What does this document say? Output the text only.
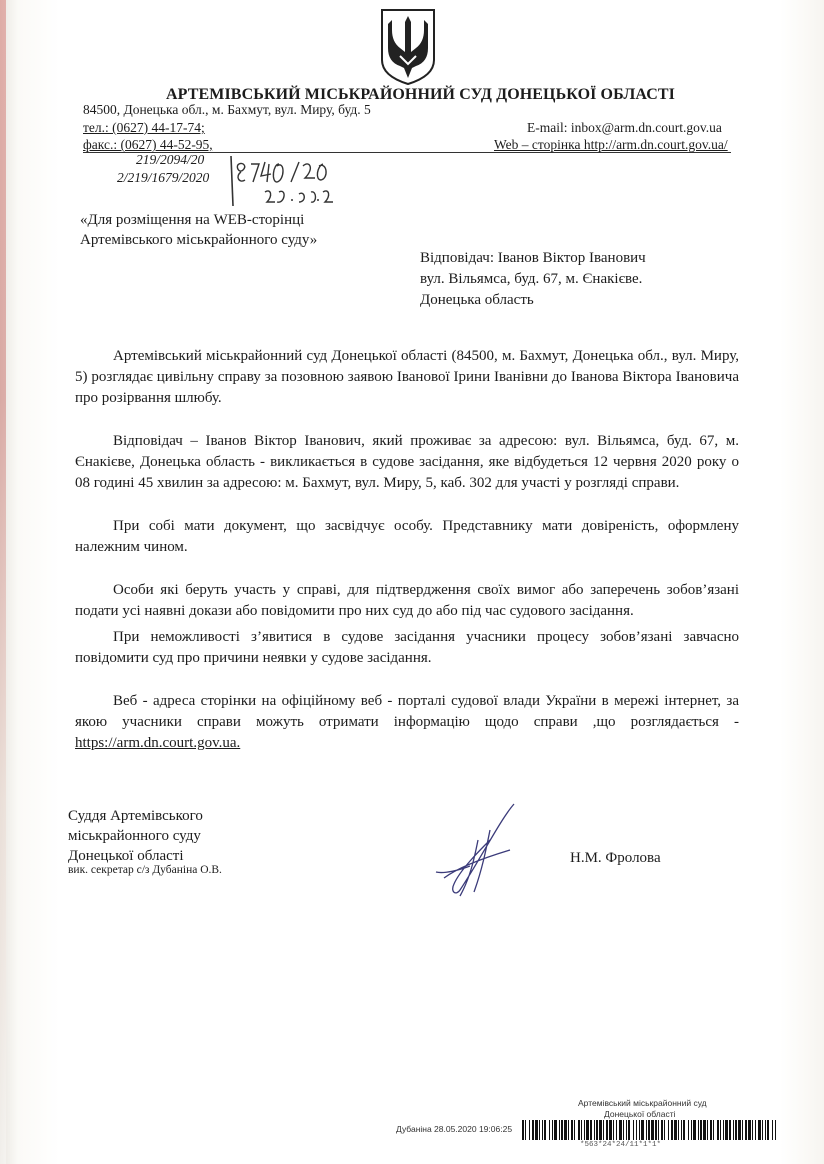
АРТЕМІВСЬКИЙ МІСЬКРАЙОННИЙ СУД ДОНЕЦЬКОЇ ОБЛАСТІ
84500, Донецька обл., м. Бахмут, вул. Миру, буд. 5
тел.: (0627) 44-17-74;
факс.: (0627) 44-52-95,
E-mail: inbox@arm.dn.court.gov.ua
Web – сторінка http://arm.dn.court.gov.ua/
219/2094/20
2/219/1679/2020
«Для розміщення на WEB-сторінці
Артемівського міськрайонного суду»
Відповідач: Іванов Віктор Іванович
вул. Вільямса, буд. 67, м. Єнакієве.
Донецька область

Артемівський міськрайонний суд Донецької області (84500, м. Бахмут, Донецька обл., вул. Миру, 5) розглядає цивільну справу за позовною заявою Іванової Ірини Іванівни до Іванова Віктора Івановича про розірвання шлюбу.

Відповідач – Іванов Віктор Іванович, який проживає за адресою: вул. Вільямса, буд. 67, м. Єнакієве, Донецька область - викликається в судове засідання, яке відбудеться 12 червня 2020 року о 08 годині 45 хвилин за адресою: м. Бахмут, вул. Миру, 5, каб. 302 для участі у розгляді справи.

При собі мати документ, що засвідчує особу. Представнику мати довіреність, оформлену належним чином.

Особи які беруть участь у справі, для підтвердження своїх вимог або заперечень зобов’язані подати усі наявні докази або повідомити про них суд до або під час судового засідання.

При неможливості з’явитися в судове засідання учасники процесу зобов’язані завчасно повідомити суд про причини неявки у судове засідання.

Веб - адреса сторінки на офіційному веб - порталі судової влади України в мережі інтернет, за якою учасники справи можуть отримати інформацію щодо справи ,що розглядається - https://arm.dn.court.gov.ua.

Суддя Артемівського
міськрайонного суду
Донецької області
вик. секретар с/з Дубаніна О.В.
Н.М. Фролова
Артемівський міськрайонний суд
Донецької області
Дубаніна 28.05.2020 19:06:25
*563*24*24/11*1*1*
